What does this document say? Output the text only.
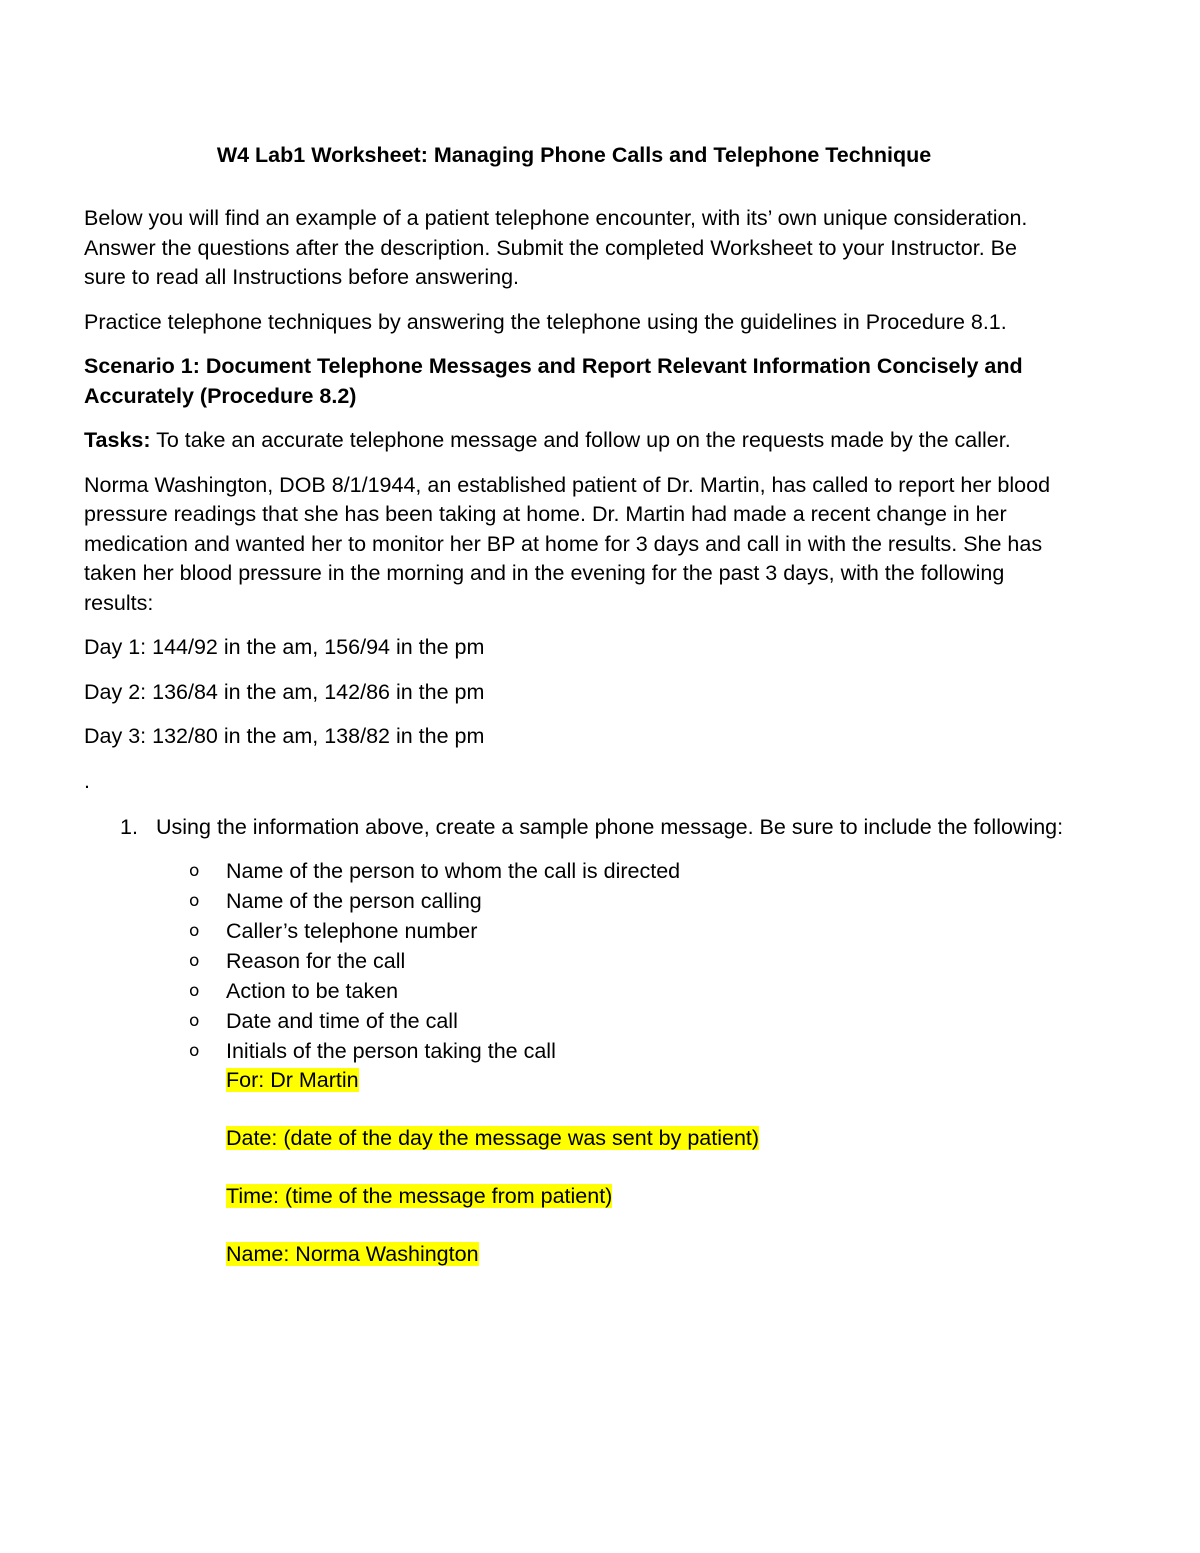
W4 Lab1 Worksheet: Managing Phone Calls and Telephone Technique

Below you will find an example of a patient telephone encounter, with its’ own unique consideration. Answer the questions after the description. Submit the completed Worksheet to your Instructor. Be sure to read all Instructions before answering.

Practice telephone techniques by answering the telephone using the guidelines in Procedure 8.1.

Scenario 1: Document Telephone Messages and Report Relevant Information Concisely and Accurately (Procedure 8.2)

Tasks: To take an accurate telephone message and follow up on the requests made by the caller.

Norma Washington, DOB 8/1/1944, an established patient of Dr. Martin, has called to report her blood pressure readings that she has been taking at home. Dr. Martin had made a recent change in her medication and wanted her to monitor her BP at home for 3 days and call in with the results. She has taken her blood pressure in the morning and in the evening for the past 3 days, with the following results:

Day 1: 144/92 in the am, 156/94 in the pm

Day 2: 136/84 in the am, 142/86 in the pm

Day 3: 132/80 in the am, 138/82 in the pm

.
1. Using the information above, create a sample phone message. Be sure to include the following:
o	Name of the person to whom the call is directed
o	Name of the person calling
o	Caller’s telephone number
o	Reason for the call
o	Action to be taken
o	Date and time of the call
o	Initials of the person taking the call
For: Dr Martin
Date: (date of the day the message was sent by patient)
Time: (time of the message from patient)
Name: Norma Washington
